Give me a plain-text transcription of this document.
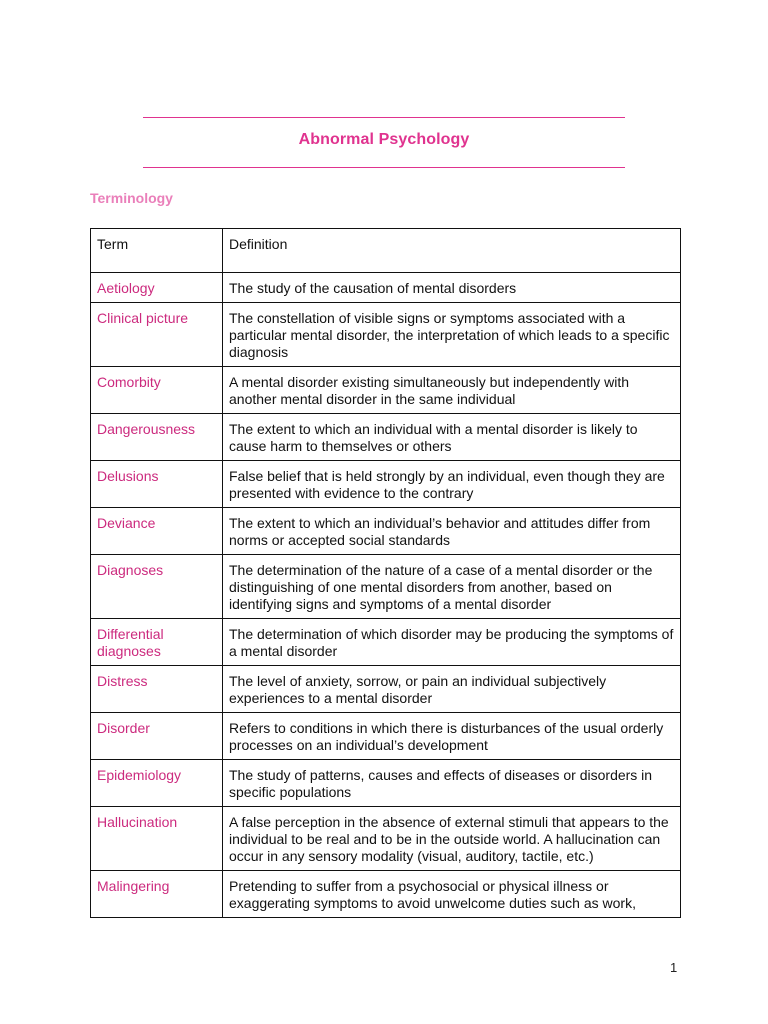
Abnormal Psychology
Terminology
Term	Definition
Aetiology	The study of the causation of mental disorders
Clinical picture	The constellation of visible signs or symptoms associated with a particular mental disorder, the interpretation of which leads to a specific diagnosis
Comorbity	A mental disorder existing simultaneously but independently with another mental disorder in the same individual
Dangerousness	The extent to which an individual with a mental disorder is likely to cause harm to themselves or others
Delusions	False belief that is held strongly by an individual, even though they are presented with evidence to the contrary
Deviance	The extent to which an individual’s behavior and attitudes differ from norms or accepted social standards
Diagnoses	The determination of the nature of a case of a mental disorder or the distinguishing of one mental disorders from another, based on identifying signs and symptoms of a mental disorder
Differential diagnoses	The determination of which disorder may be producing the symptoms of a mental disorder
Distress	The level of anxiety, sorrow, or pain an individual subjectively experiences to a mental disorder
Disorder	Refers to conditions in which there is disturbances of the usual orderly processes on an individual’s development
Epidemiology	The study of patterns, causes and effects of diseases or disorders in specific populations
Hallucination	A false perception in the absence of external stimuli that appears to the individual to be real and to be in the outside world. A hallucination can occur in any sensory modality (visual, auditory, tactile, etc.)
Malingering	Pretending to suffer from a psychosocial or physical illness or exaggerating symptoms to avoid unwelcome duties such as work,
1
